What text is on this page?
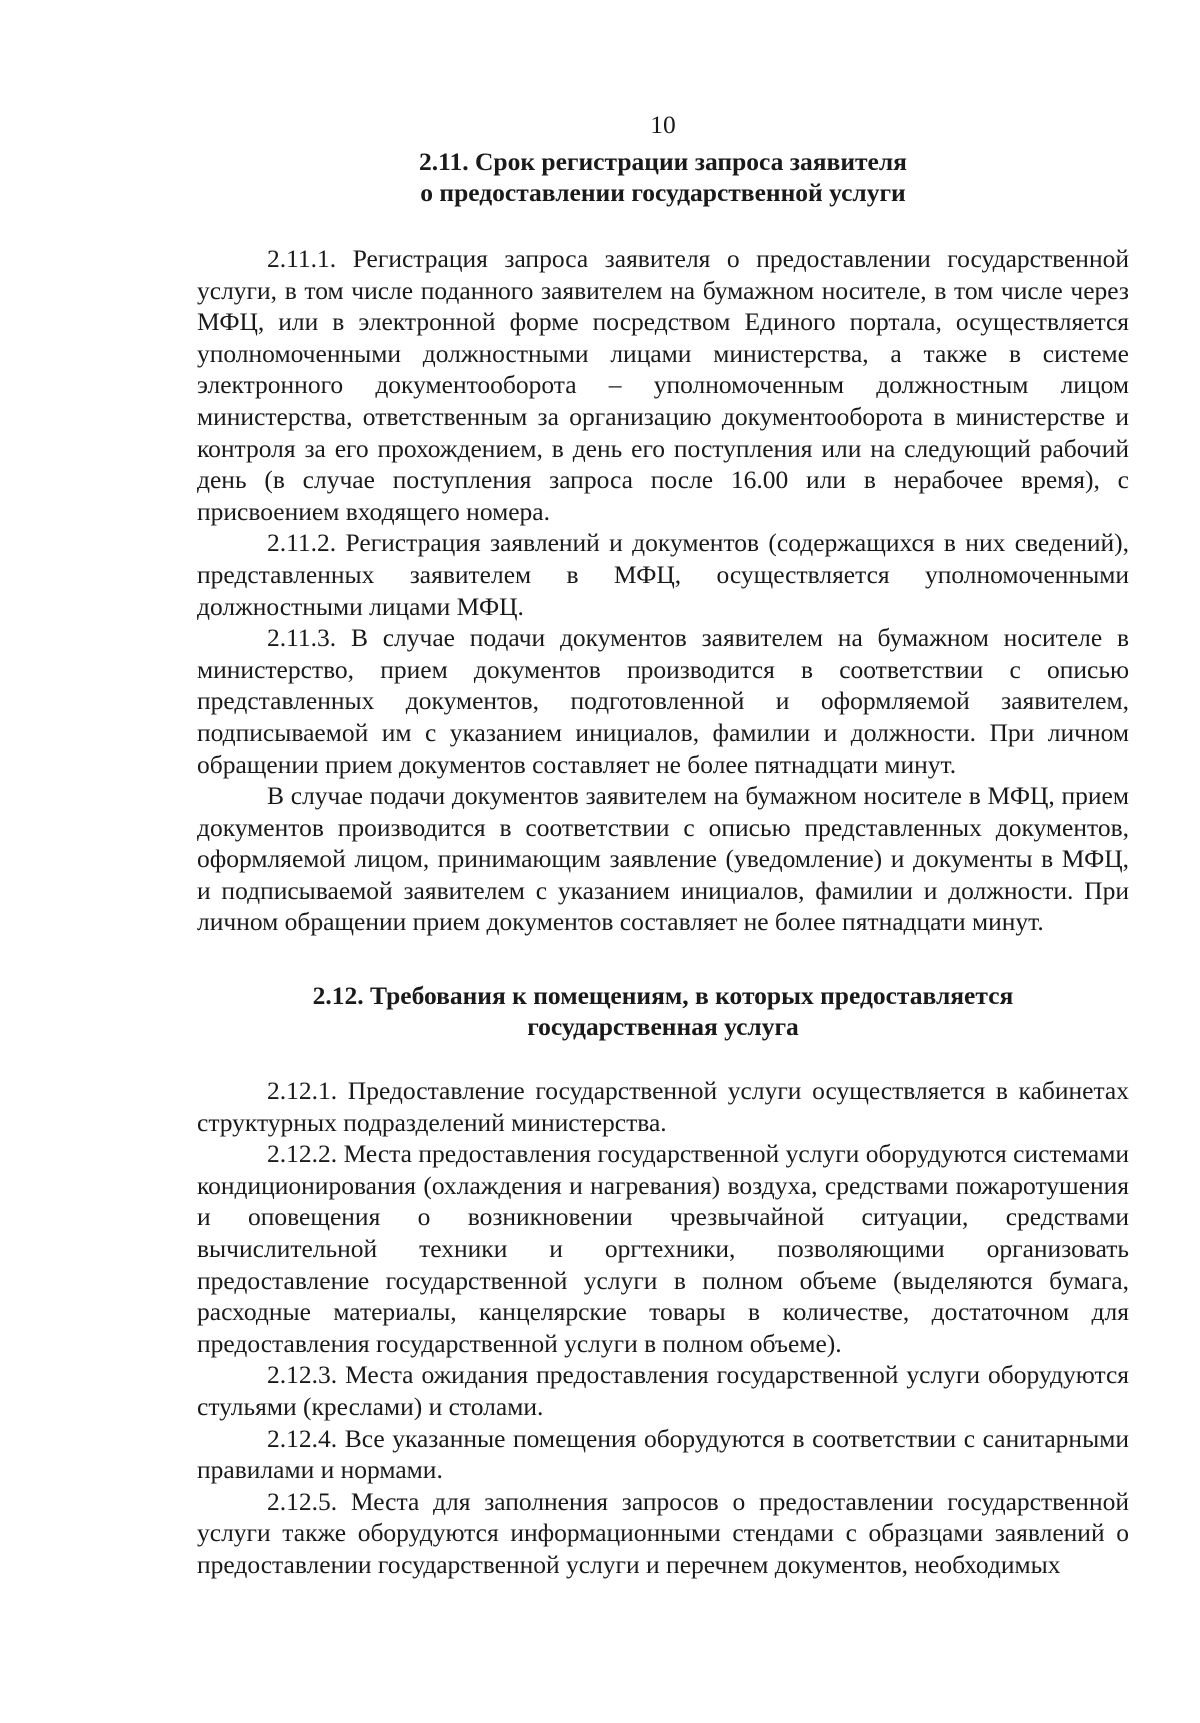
10
2.11. Срок регистрации запроса заявителя
о предоставлении государственной услуги

2.11.1. Регистрация запроса заявителя о предоставлении государственной услуги, в том числе поданного заявителем на бумажном носителе, в том числе через МФЦ, или в электронной форме посредством Единого портала, осуществляется уполномоченными должностными лицами министерства, а также в системе электронного документооборота – уполномоченным должностным лицом министерства, ответственным за организацию документооборота в министерстве и контроля за его прохождением, в день его поступления или на следующий рабочий день (в случае поступления запроса после 16.00 или в нерабочее время), с присвоением входящего номера.

2.11.2. Регистрация заявлений и документов (содержащихся в них сведений), представленных заявителем в МФЦ, осуществляется уполномоченными должностными лицами МФЦ.

2.11.3. В случае подачи документов заявителем на бумажном носителе в министерство, прием документов производится в соответствии с описью представленных документов, подготовленной и оформляемой заявителем, подписываемой им с указанием инициалов, фамилии и должности. При личном обращении прием документов составляет не более пятнадцати минут.

В случае подачи документов заявителем на бумажном носителе в МФЦ, прием документов производится в соответствии с описью представленных документов, оформляемой лицом, принимающим заявление (уведомление) и документы в МФЦ, и подписываемой заявителем с указанием инициалов, фамилии и должности. При личном обращении прием документов составляет не более пятнадцати минут.

2.12. Требования к помещениям, в которых предоставляется
государственная услуга

2.12.1. Предоставление государственной услуги осуществляется в кабинетах структурных подразделений министерства.

2.12.2. Места предоставления государственной услуги оборудуются системами кондиционирования (охлаждения и нагревания) воздуха, средствами пожаротушения и оповещения о возникновении чрезвычайной ситуации, средствами вычислительной техники и оргтехники, позволяющими организовать предоставление государственной услуги в полном объеме (выделяются бумага, расходные материалы, канцелярские товары в количестве, достаточном для предоставления государственной услуги в полном объеме).

2.12.3. Места ожидания предоставления государственной услуги оборудуются стульями (креслами) и столами.

2.12.4. Все указанные помещения оборудуются в соответствии с санитарными правилами и нормами.

2.12.5. Места для заполнения запросов о предоставлении государственной услуги также оборудуются информационными стендами с образцами заявлений о предоставлении государственной услуги и перечнем документов, необходимых
